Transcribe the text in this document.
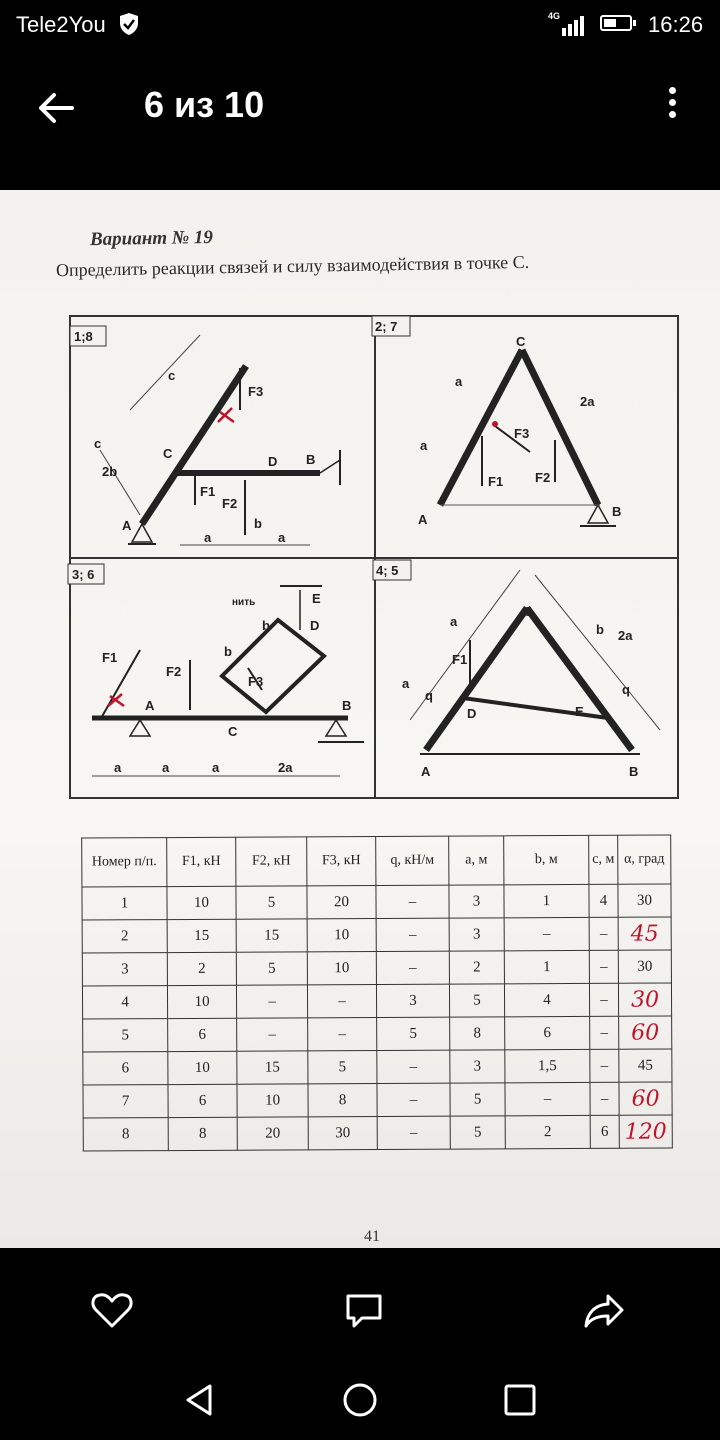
Tele2You	4G	16:26
6 из 10
Вариант № 19
Определить реакции связей и силу взаимодействия в точке C.
1;8
c
c
2b
C
D B
A
a	a
b
F3
F1
F2
2; 7
C
a
a
2a
F3
F1 F2
A
B
3; 6
нить	E
b	D
b
F1
F2
F3
A	B
C
a	a	a	2a
4; 5
a
C
b 2a
F1
a
q	q
D	E
A	B
Номер п/п.	F1, кН	F2, кН	F3, кН	q, кН/м	a, м	b, м	c, м	α, град
1	10	5	20	–	3	1	4	30
2	15	15	10	–	3	–	–	45
3	2	5	10	–	2	1	–	30
4	10	–	–	3	5	4	–	30
5	6	–	–	5	8	6	–	60
6	10	15	5	–	3	1,5	–	45
7	6	10	8	–	5	–	–	60
8	8	20	30	–	5	2	6	120
41
